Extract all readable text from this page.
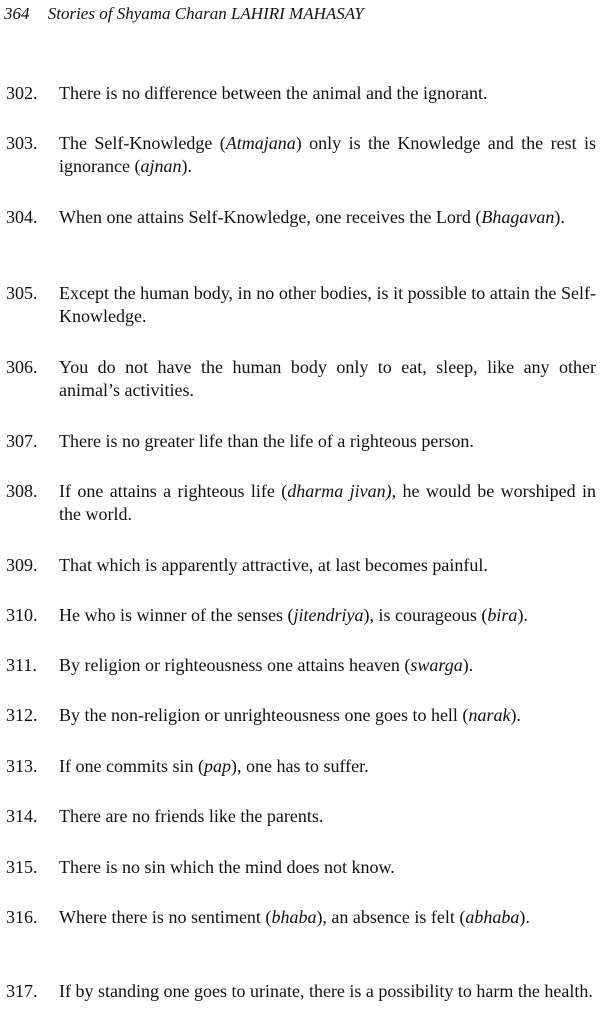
364 Stories of Shyama Charan LAHIRI MAHASAY
302.	There is no difference between the animal and the ignorant.
303.	The Self-Knowledge (Atmajana) only is the Knowledge and the rest is ignorance (ajnan).
304.	When one attains Self-Knowledge, one receives the Lord (Bhagavan).
305.	Except the human body, in no other bodies, is it possible to attain the Self-Knowledge.
306.	You do not have the human body only to eat, sleep, like any other animal’s activities.
307.	There is no greater life than the life of a righteous person.
308.	If one attains a righteous life (dharma jivan), he would be worshiped in the world.
309.	That which is apparently attractive, at last becomes painful.
310.	He who is winner of the senses (jitendriya), is courageous (bira).
311.	By religion or righteousness one attains heaven (swarga).
312.	By the non-religion or unrighteousness one goes to hell (narak).
313.	If one commits sin (pap), one has to suffer.
314.	There are no friends like the parents.
315.	There is no sin which the mind does not know.
316.	Where there is no sentiment (bhaba), an absence is felt (abhaba).
317.	If by standing one goes to urinate, there is a possibility to harm the health.
